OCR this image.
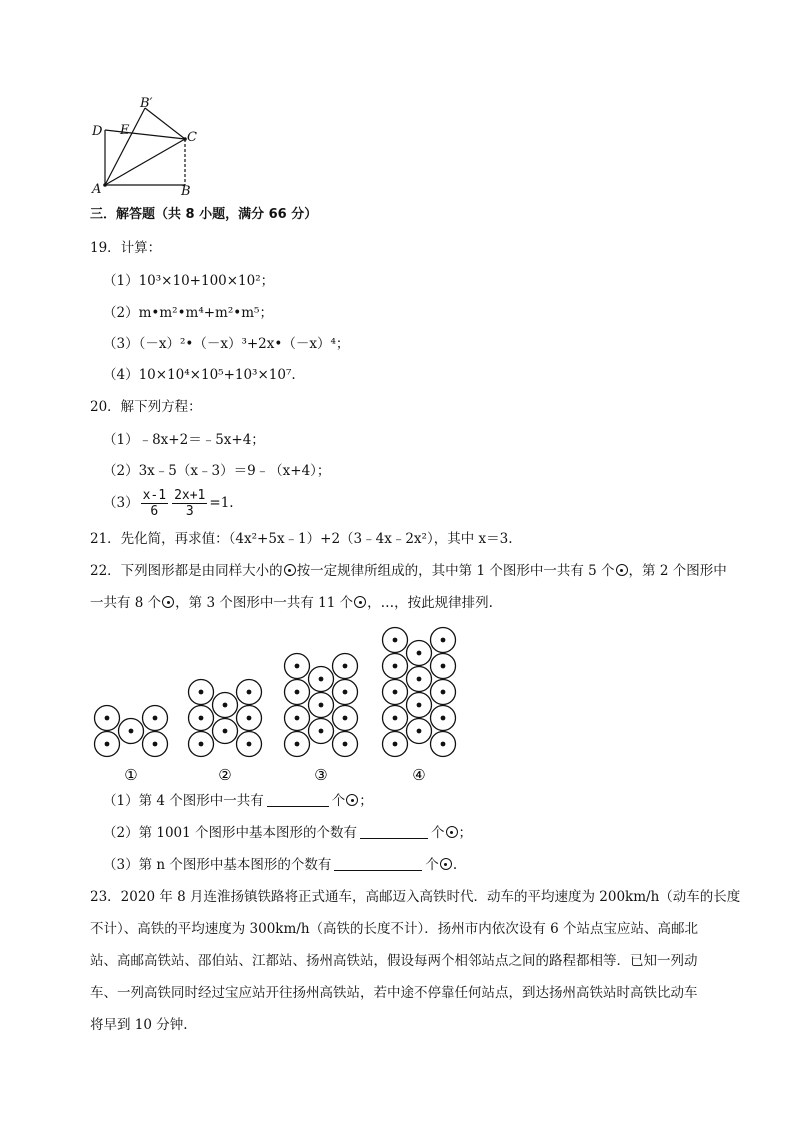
B′
D E	C
A	B
三．解答题（共 8 小题，满分 66 分）
19．计算：
（1）10³×10+100×10²；
（2）m•m²•m⁴+m²•m⁵；
（3）（－x）²•（－x）³+2x•（－x）⁴；
（4）10×10⁴×10⁵+10³×10⁷.
20．解下列方程：
（1）﹣8x+2＝﹣5x+4；
（2）3x﹣5（x﹣3）＝9﹣（x+4）；
$(3) \frac{x-1}{6} \frac{2x+1}{3} =1$.
21．先化简，再求值：（4x²+5x﹣1）+2（3﹣4x﹣2x²），其中 x＝3.
22．下列图形都是由同样大小的 按一定规律所组成的，其中第 1 个图形中一共有 5 个 ，第 2 个图形中
一共有 8 个 ，第 3 个图形中一共有 11 个 ，…，按此规律排列.
①	②	③	④
（1）第 4 个图形中一共有	个 ；
（2）第 1001 个图形中基本图形的个数有	个 ；
（3）第 n 个图形中基本图形的个数有	个 .
23．2020 年 8 月连淮扬镇铁路将正式通车，高邮迈入高铁时代．动车的平均速度为 200km/h（动车的长度
不计）、高铁的平均速度为 300km/h（高铁的长度不计）．扬州市内依次设有 6 个站点宝应站、高邮北
站、高邮高铁站、邵伯站、江都站、扬州高铁站，假设每两个相邻站点之间的路程都相等．已知一列动
车、一列高铁同时经过宝应站开往扬州高铁站，若中途不停靠任何站点，到达扬州高铁站时高铁比动车
将早到 10 分钟.
